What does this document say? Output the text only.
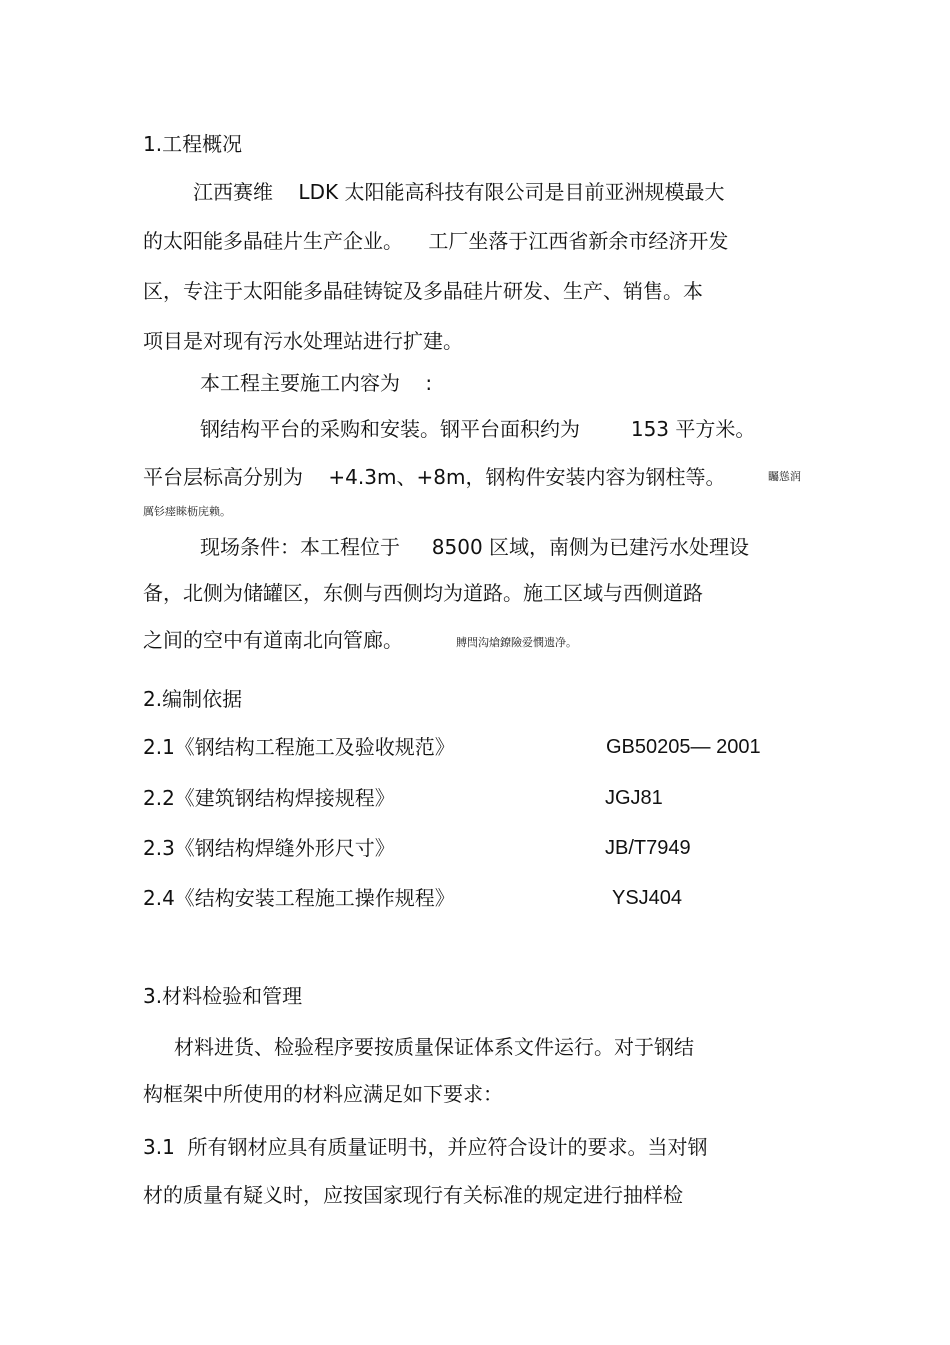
1.工程概况
江西赛维    LDK 太阳能高科技有限公司是目前亚洲规模最大
的太阳能多晶硅片生产企业。    工厂坐落于江西省新余市经济开发
区，专注于太阳能多晶硅铸锭及多晶硅片研发、生产、销售。本
项目是对现有污水处理站进行扩建。
本工程主要施工内容为    :
钢结构平台的采购和安装。钢平台面积约为        153 平方米。
平台层标高分别为    +4.3m、+8m，钢构件安装内容为钢柱等。	矚慫润
厲钐瘗睞枥庑赖。
现场条件：本工程位于     8500 区域，南侧为已建污水处理设
备，北侧为储罐区，东侧与西侧均为道路。施工区域与西侧道路
之间的空中有道南北向管廊。	賻閆沟熗鐐險爱憫遗净。
2.编制依据
2.1《钢结构工程施工及验收规范》	GB50205— 2001
2.2《建筑钢结构焊接规程》	JGJ81
2.3《钢结构焊缝外形尺寸》	JB/T7949
2.4《结构安装工程施工操作规程》	YSJ404
3.材料检验和管理
材料进货、检验程序要按质量保证体系文件运行。对于钢结
构框架中所使用的材料应满足如下要求：
3.1  所有钢材应具有质量证明书，并应符合设计的要求。当对钢
材的质量有疑义时，应按国家现行有关标准的规定进行抽样检
